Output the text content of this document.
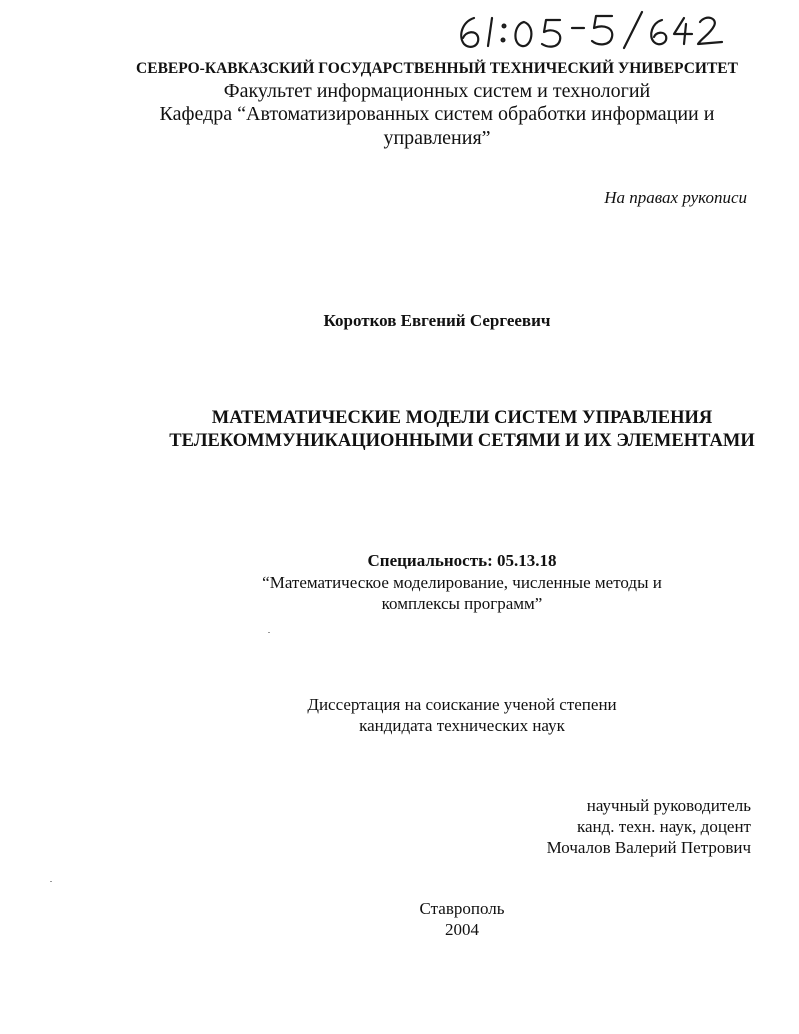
СЕВЕРО-КАВКАЗСКИЙ ГОСУДАРСТВЕННЫЙ ТЕХНИЧЕСКИЙ УНИВЕРСИТЕТ
Факультет информационных систем и технологий
Кафедра “Автоматизированных систем обработки информации и
управления”
На правах рукописи
Коротков Евгений Сергеевич
МАТЕМАТИЧЕСКИЕ МОДЕЛИ СИСТЕМ УПРАВЛЕНИЯ
ТЕЛЕКОММУНИКАЦИОННЫМИ СЕТЯМИ И ИХ ЭЛЕМЕНТАМИ
Специальность: 05.13.18
“Математическое моделирование, численные методы и
комплексы программ”
Диссертация на соискание ученой степени
кандидата технических наук
научный руководитель
канд. техн. наук, доцент
Мочалов Валерий Петрович
Ставрополь
2004
